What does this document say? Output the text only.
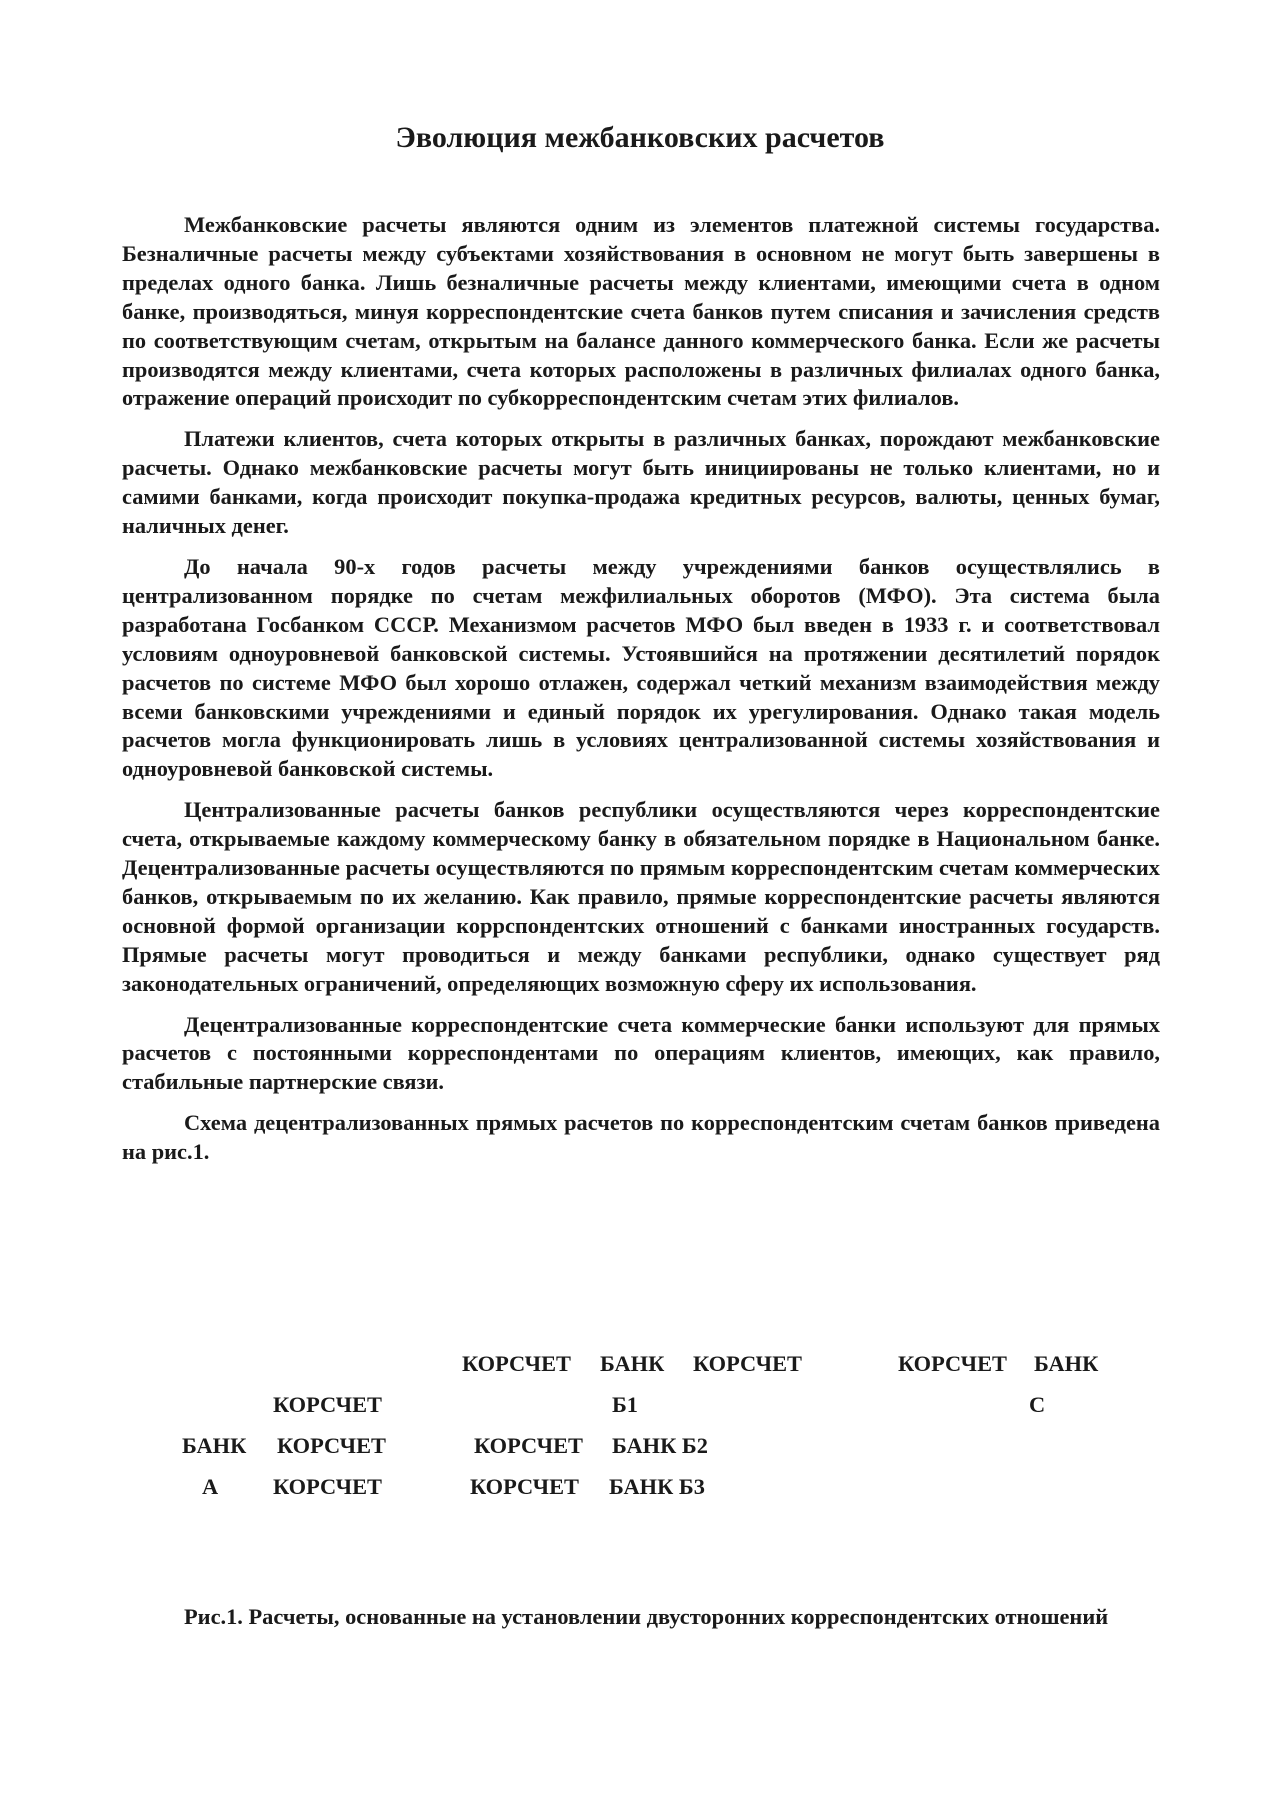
Эволюция межбанковских расчетов

Межбанковские расчеты являются одним из элементов платежной системы государства. Безналичные расчеты между субъектами хозяйствования в основном не могут быть завершены в пределах одного банка. Лишь безналичные расчеты между клиентами, имеющими счета в одном банке, производяться, минуя корреспондентские счета банков путем списания и зачисления средств по соответствующим счетам, открытым на балансе данного коммерческого банка. Если же расчеты производятся между клиентами, счета которых расположены в различных филиалах одного банка, отражение операций происходит по субкорреспондентским счетам этих филиалов.

Платежи клиентов, счета которых открыты в различных банках, порождают межбанковские расчеты. Однако межбанковские расчеты могут быть инициированы не только клиентами, но и самими банками, когда происходит покупка-продажа кредитных ресурсов, валюты, ценных бумаг, наличных денег.

До начала 90-х годов расчеты между учреждениями банков осуществлялись в централизованном порядке по счетам межфилиальных оборотов (МФО). Эта система была разработана Госбанком СССР. Механизмом расчетов МФО был введен в 1933 г. и соответствовал условиям одноуровневой банковской системы. Устоявшийся на протяжении десятилетий порядок расчетов по системе МФО был хорошо отлажен, содержал четкий механизм взаимодействия между всеми банковскими учреждениями и единый порядок их урегулирования. Однако такая модель расчетов могла функционировать лишь в условиях централизованной системы хозяйствования и одноуровневой банковской системы.

Централизованные расчеты банков республики осуществляются через корреспондентские счета, открываемые каждому коммерческому банку в обязательном порядке в Национальном банке. Децентрализованные расчеты осуществляются по прямым корреспондентским счетам коммерческих банков, открываемым по их желанию. Как правило, прямые корреспондентские расчеты являются основной формой организации коррспондентских отношений с банками иностранных государств. Прямые расчеты могут проводиться и между банками республики, однако существует ряд законодательных ограничений, определяющих возможную сферу их использования.

Децентрализованные корреспондентские счета коммерческие банки используют для прямых расчетов с постоянными корреспондентами по операциям клиентов, имеющих, как правило, стабильные партнерские связи.

Схема децентрализованных прямых расчетов по корреспондентским счетам банков приведена на рис.1.

КОРСЧЕТ БАНК КОРСЧЕТ	КОРСЧЕТ БАНК
КОРСЧЕТ	Б1	С
БАНК КОРСЧЕТ	КОРСЧЕТ БАНК Б2
А КОРСЧЕТ	КОРСЧЕТ БАНК Б3

Рис.1. Расчеты, основанные на установлении двусторонних корреспондентских отношений
